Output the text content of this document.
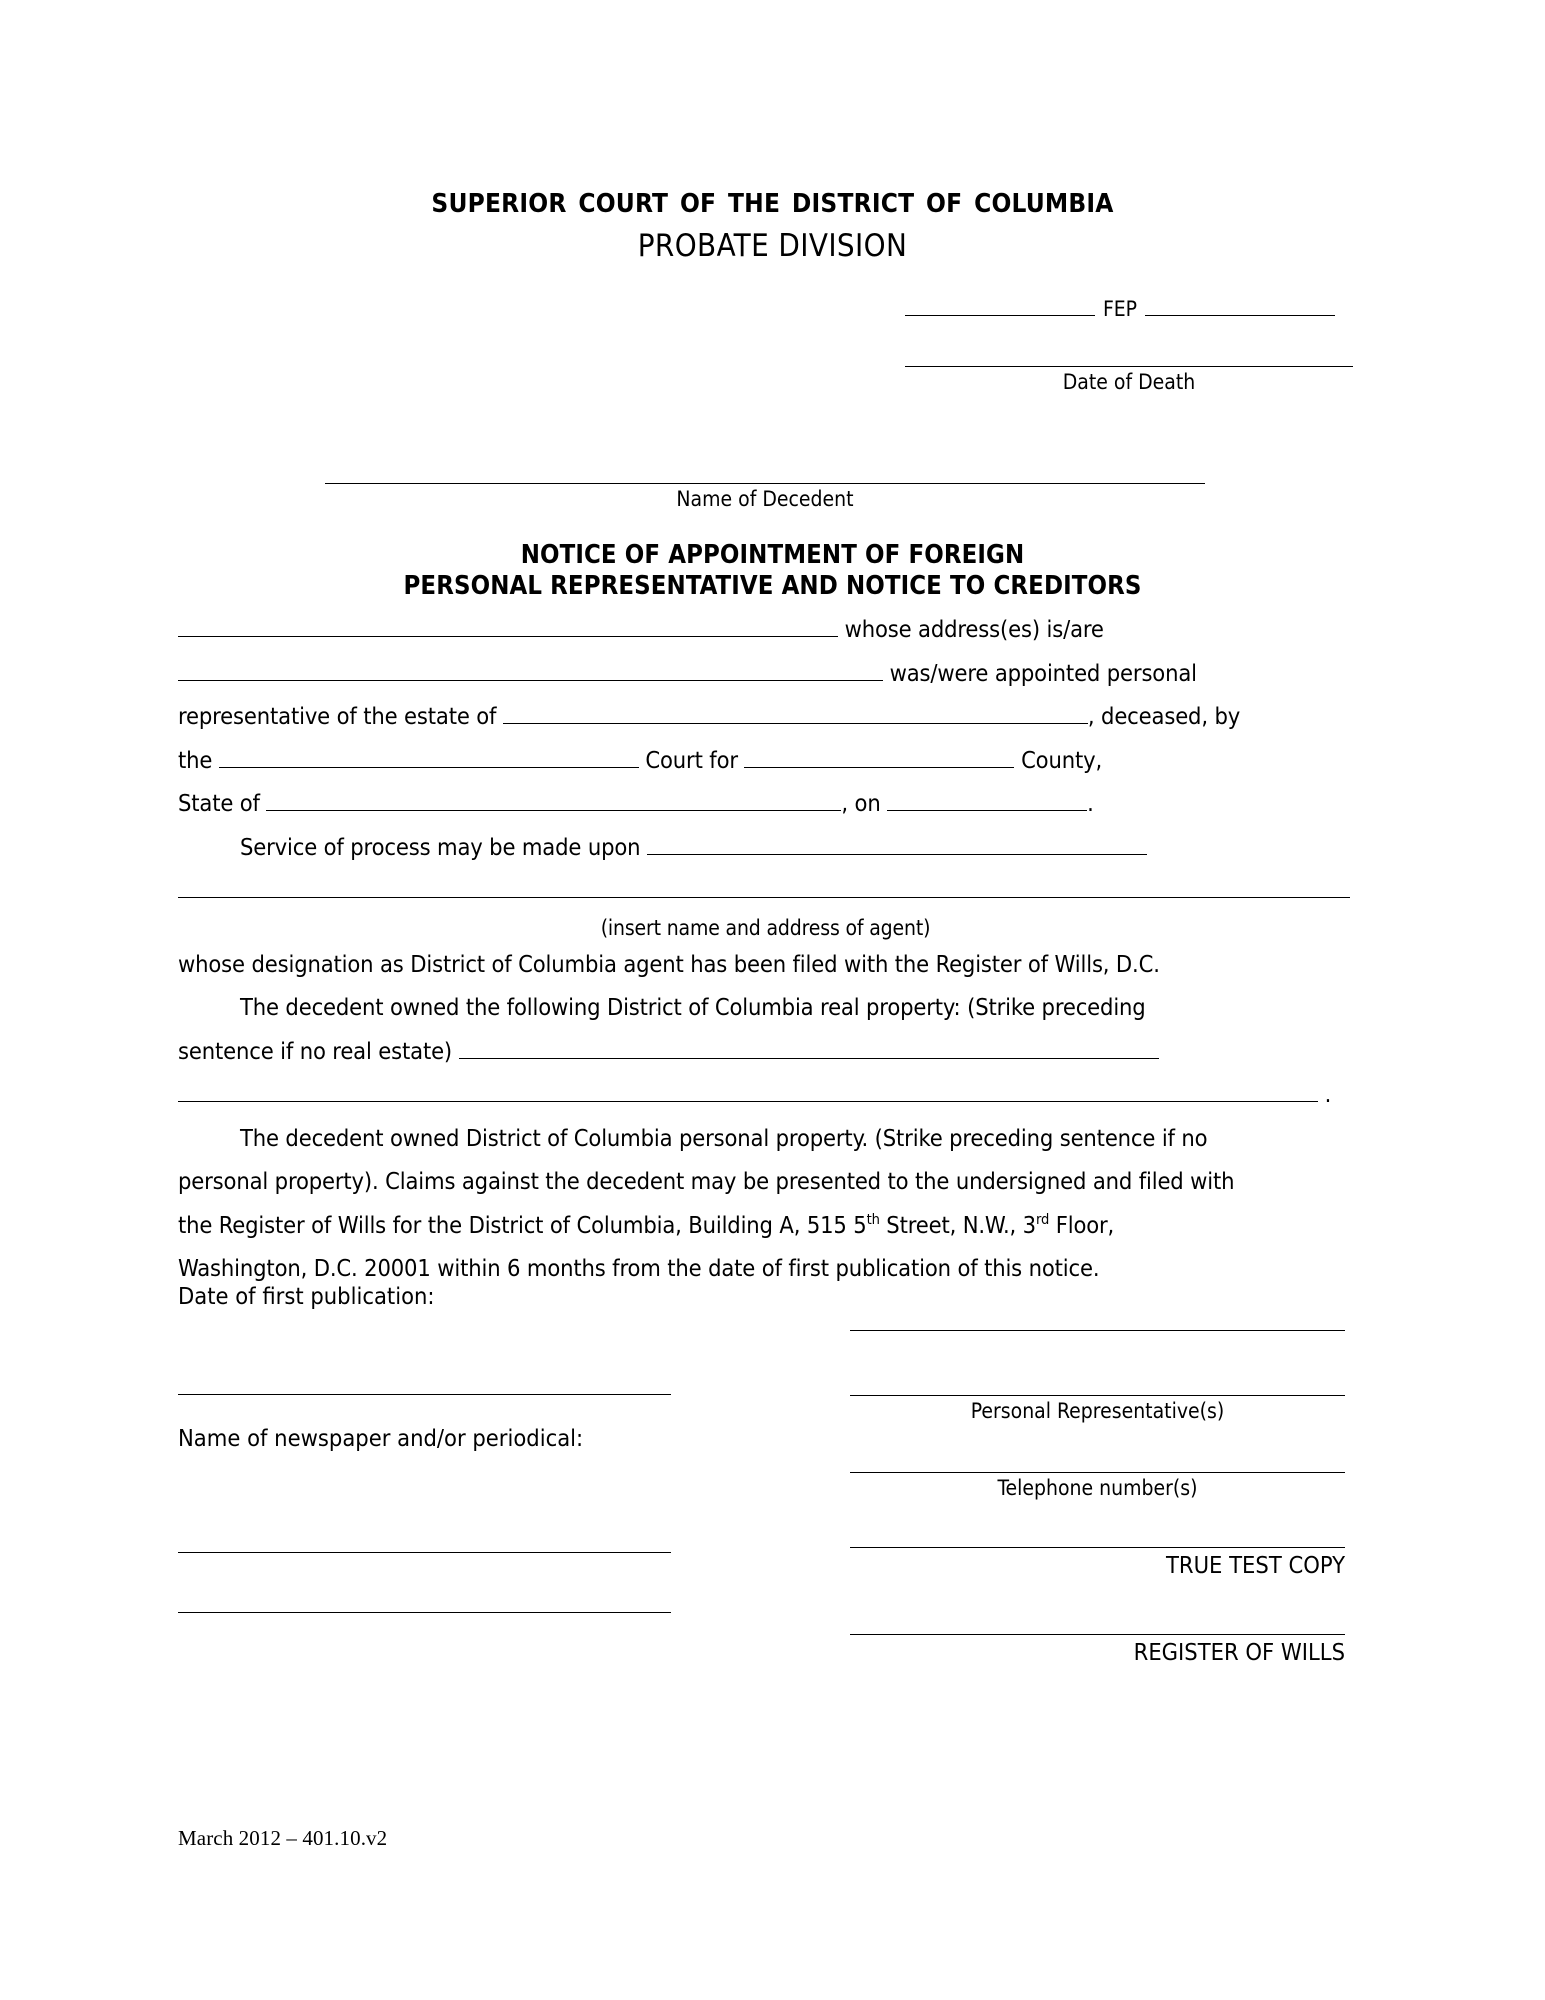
superior court of the district of columbia
PROBATE DIVISION
FEP
Date of Death
Name of Decedent
NOTICE OF APPOINTMENT OF FOREIGN
PERSONAL REPRESENTATIVE AND NOTICE TO CREDITORS
whose address(es) is/are
was/were appointed personal
representative of the estate of	, deceased, by
the	Court for	County,
State of	, on	.
Service of process may be made upon
(insert name and address of agent)
whose designation as District of Columbia agent has been filed with the Register of Wills, D.C.
The decedent owned the following District of Columbia real property: (Strike preceding
sentence if no real estate)
.
The decedent owned District of Columbia personal property. (Strike preceding sentence if no
personal property). Claims against the decedent may be presented to the undersigned and filed with
the Register of Wills for the District of Columbia, Building A, 515 5th Street, N.W., 3rd Floor,
Washington, D.C. 20001 within 6 months from the date of first publication of this notice.
Date of first publication:
Name of newspaper and/or periodical:
Personal Representative(s)
Telephone number(s)
TRUE TEST COPY
REGISTER OF WILLS
March 2012 – 401.10.v2
